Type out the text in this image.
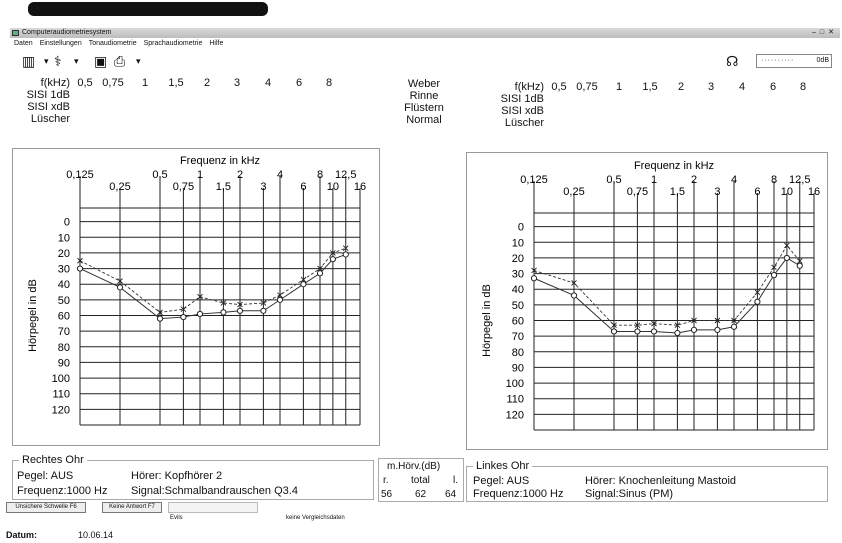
Computeraudiometriesystem	–□✕
Daten Einstellungen Tonaudiometrie Sprachaudiometrie Hilfe
▥ ▾ ⚕ ▾ ▣ ⎙ ▾	☊	··········	0dB
f(kHz) 0,5 0,75	1	1,5	2	3	4	6	8
SISI 1dB
SISI xdB
Lüscher
Weber
Rinne
Flüstern
Normal
f(kHz) 0,5 0,75	1	1,5	2	3	4	6	8
SISI 1dB
SISI xdB
Lüscher
Frequenz in kHz
Hörpegel in dB
0,125	0,5	1	2	4	8 12,5
0,25	0,75 1,5	3	6 10 16
0
10
20
30
40
50
60
70
80
90
100
110
120
Frequenz in kHz
Hörpegel in dB
0,125	0,5	1	2	4	8 12,5
0,25	0,75 1,5	3	6 10 16
0
10
20
30
40
50
60
70
80
90
100
110
120
Rechtes Ohr
Pegel: AUS	Hörer: Kopfhörer 2
Frequenz:1000 Hz Signal:Schmalbandrauschen Q3.4
m.Hörv.(dB)
r. total l.
56 62 64
Linkes Ohr
Pegel: AUS	Hörer: Knochenleitung Mastoid
Frequenz:1000 Hz Signal:Sinus (PM)
Unsichere Schwelle F6	Keine Antwort F7
Evils	keine Vergleichsdaten
Datum:	10.06.14
